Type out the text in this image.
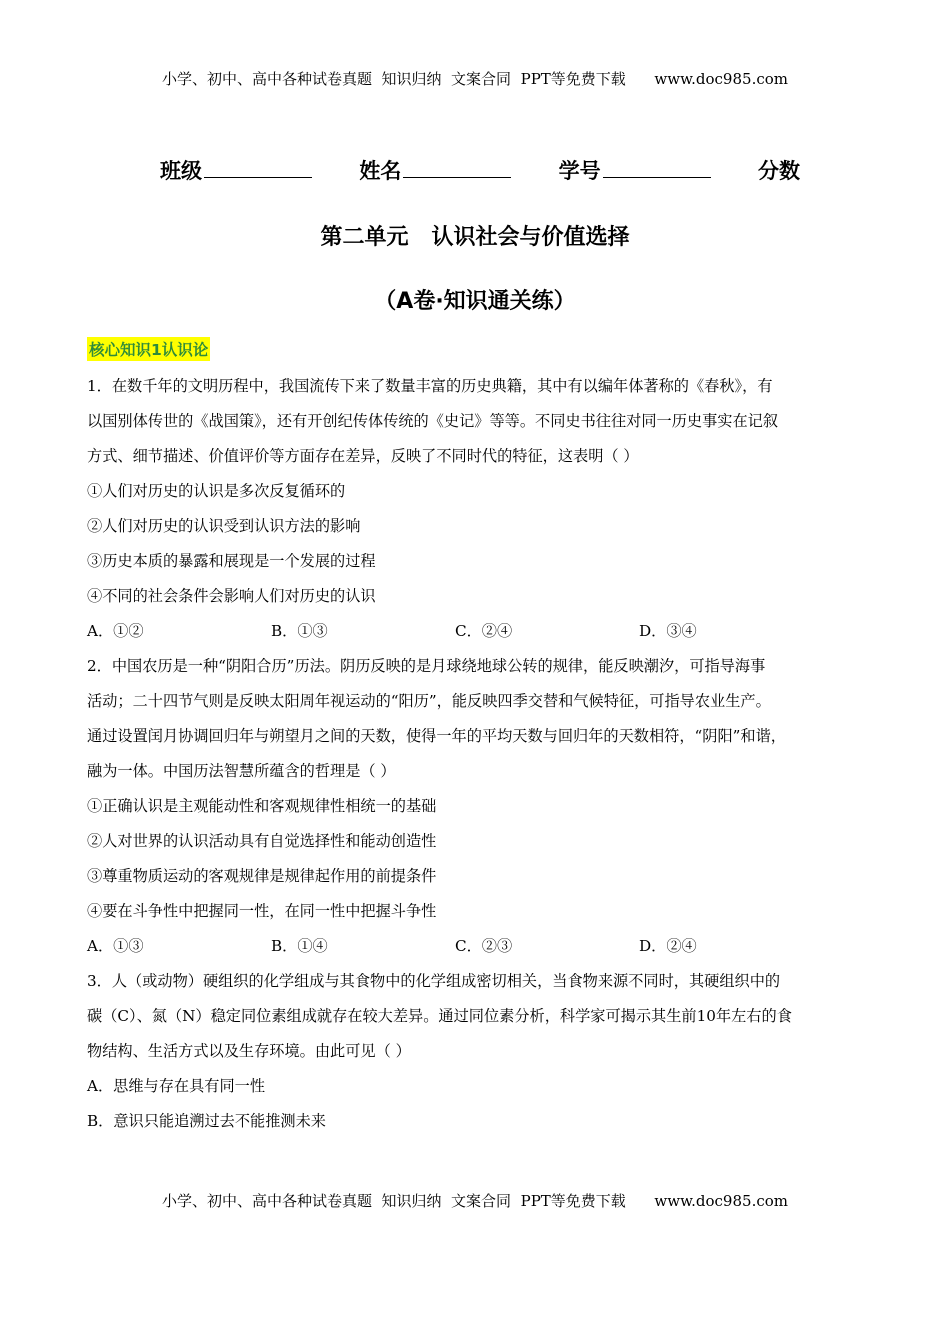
小学、初中、高中各种试卷真题  知识归纳  文案合同  PPT等免费下载      www.doc985.com
班级	姓名	学号	分数
第二单元   认识社会与价值选择
（A卷·知识通关练）
核心知识1认识论
1．在数千年的文明历程中，我国流传下来了数量丰富的历史典籍，其中有以编年体著称的《春秋》，有
以国别体传世的《战国策》，还有开创纪传体传统的《史记》等等。不同史书往往对同一历史事实在记叙
方式、细节描述、价值评价等方面存在差异，反映了不同时代的特征，这表明（ ）
①人们对历史的认识是多次反复循环的
②人们对历史的认识受到认识方法的影响
③历史本质的暴露和展现是一个发展的过程
④不同的社会条件会影响人们对历史的认识
A．①②	B．①③	C．②④	D．③④
2．中国农历是一种“阴阳合历”历法。阴历反映的是月球绕地球公转的规律，能反映潮汐，可指导海事
活动；二十四节气则是反映太阳周年视运动的“阳历”，能反映四季交替和气候特征，可指导农业生产。
通过设置闰月协调回归年与朔望月之间的天数，使得一年的平均天数与回归年的天数相符，“阴阳”和谐，
融为一体。中国历法智慧所蕴含的哲理是（ ）
①正确认识是主观能动性和客观规律性相统一的基础
②人对世界的认识活动具有自觉选择性和能动创造性
③尊重物质运动的客观规律是规律起作用的前提条件
④要在斗争性中把握同一性，在同一性中把握斗争性
A．①③	B．①④	C．②③	D．②④
3．人（或动物）硬组织的化学组成与其食物中的化学组成密切相关，当食物来源不同时，其硬组织中的
碳（C）、氮（N）稳定同位素组成就存在较大差异。通过同位素分析，科学家可揭示其生前10年左右的食
物结构、生活方式以及生存环境。由此可见（ ）
A．思维与存在具有同一性
B．意识只能追溯过去不能推测未来
小学、初中、高中各种试卷真题  知识归纳  文案合同  PPT等免费下载      www.doc985.com
